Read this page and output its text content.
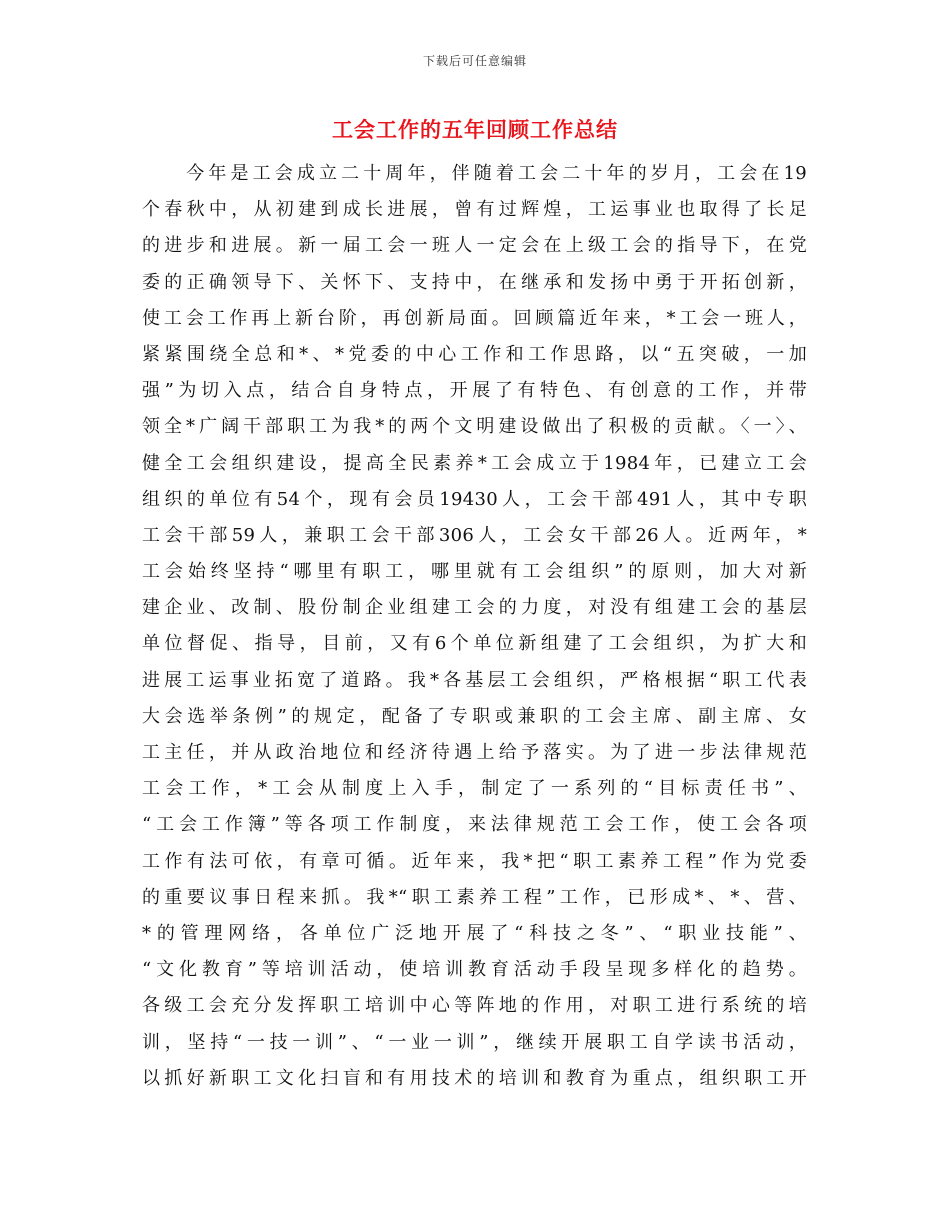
下载后可任意编辑
工会工作的五年回顾工作总结
　　今年是工会成立二十周年，伴随着工会二十年的岁月，工会在19
个春秋中，从初建到成长进展，曾有过辉煌，工运事业也取得了长足
的进步和进展。新一届工会一班人一定会在上级工会的指导下，在党
委的正确领导下、关怀下、支持中，在继承和发扬中勇于开拓创新，
使工会工作再上新台阶，再创新局面。回顾篇近年来，*工会一班人，
紧紧围绕全总和*、*党委的中心工作和工作思路，以“五突破，一加
强”为切入点，结合自身特点，开展了有特色、有创意的工作，并带
领全*广阔干部职工为我*的两个文明建设做出了积极的贡献。〈一〉、
健全工会组织建设，提高全民素养*工会成立于1984年，已建立工会
组织的单位有54个，现有会员19430人，工会干部491人，其中专职
工会干部59人，兼职工会干部306人，工会女干部26人。近两年，*
工会始终坚持“哪里有职工，哪里就有工会组织”的原则，加大对新
建企业、改制、股份制企业组建工会的力度，对没有组建工会的基层
单位督促、指导，目前，又有6个单位新组建了工会组织，为扩大和
进展工运事业拓宽了道路。我*各基层工会组织，严格根据“职工代表
大会选举条例”的规定，配备了专职或兼职的工会主席、副主席、女
工主任，并从政治地位和经济待遇上给予落实。为了进一步法律规范
工会工作，*工会从制度上入手，制定了一系列的“目标责任书”、
“工会工作簿”等各项工作制度，来法律规范工会工作，使工会各项
工作有法可依，有章可循。近年来，我*把“职工素养工程”作为党委
的重要议事日程来抓。我*“职工素养工程”工作，已形成*、*、营、
*的管理网络，各单位广泛地开展了“科技之冬”、“职业技能”、
“文化教育”等培训活动，使培训教育活动手段呈现多样化的趋势。
各级工会充分发挥职工培训中心等阵地的作用，对职工进行系统的培
训，坚持“一技一训”、“一业一训”，继续开展职工自学读书活动，
以抓好新职工文化扫盲和有用技术的培训和教育为重点，组织职工开
